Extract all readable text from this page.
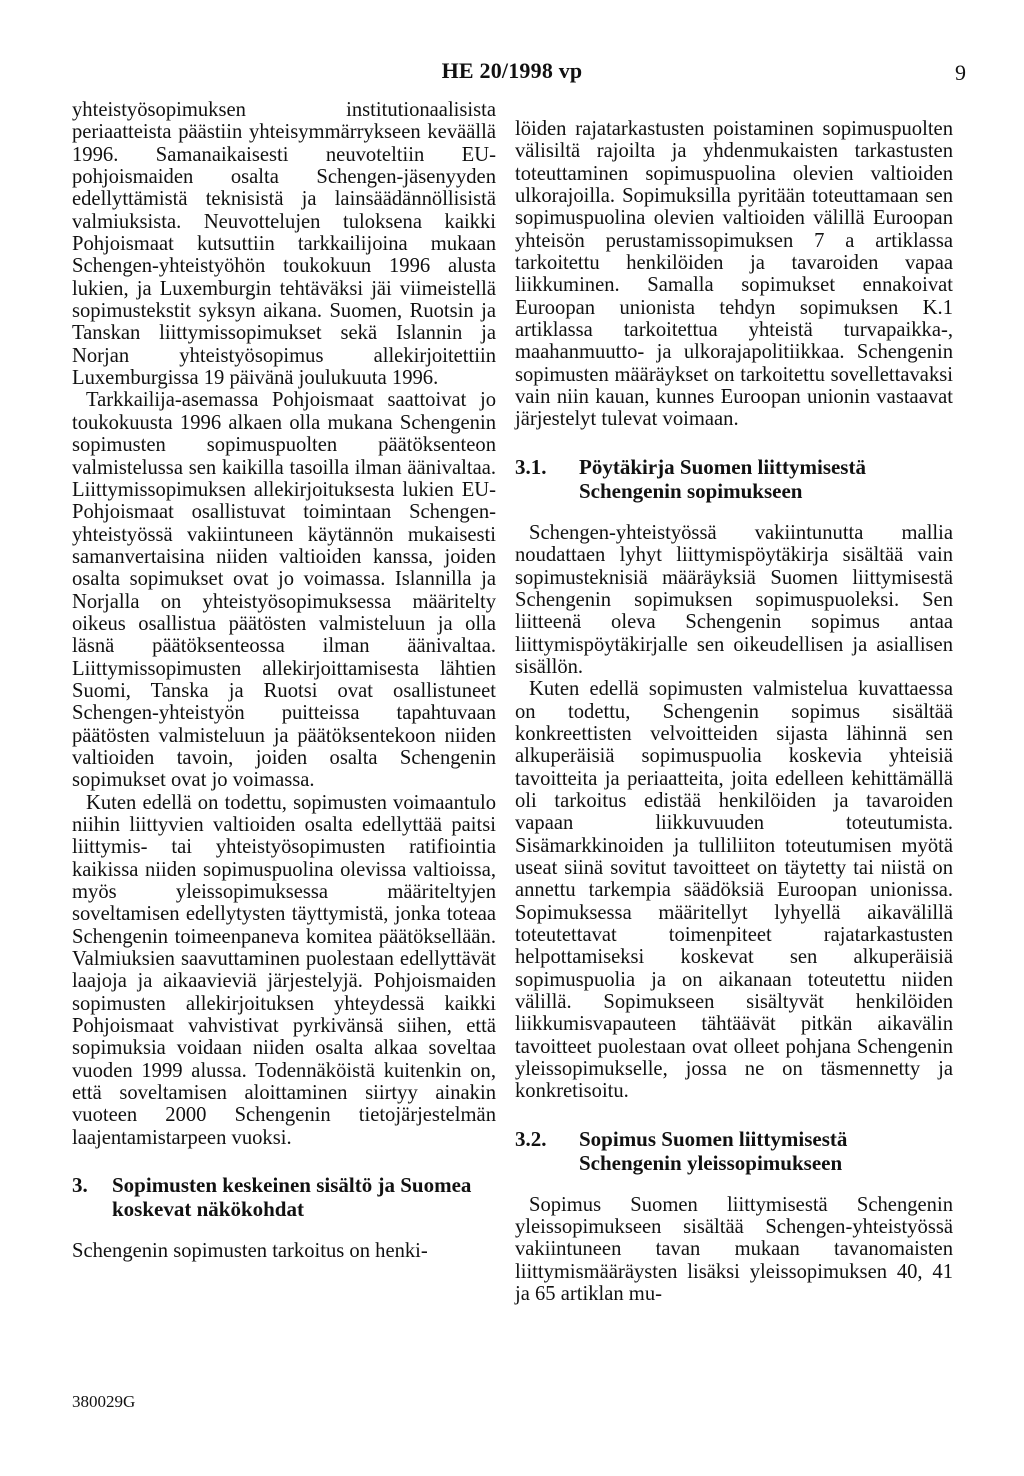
HE 20/1998 vp	9

yhteistyösopimuksen institutionaalisista periaatteista päästiin yhteisymmärrykseen keväällä 1996. Samanaikaisesti neuvoteltiin EU-pohjoismaiden osalta Schengen-jäsenyyden edellyttämistä teknisistä ja lainsäädännöllisistä valmiuksista. Neuvottelujen tuloksena kaikki Pohjoismaat kutsuttiin tarkkailijoina mukaan Schengen-yhteistyöhön toukokuun 1996 alusta lukien, ja Luxemburgin tehtäväksi jäi viimeistellä sopimustekstit syksyn aikana. Suomen, Ruotsin ja Tanskan liittymissopimukset sekä Islannin ja Norjan yhteistyösopimus allekirjoitettiin Luxemburgissa 19 päivänä joulukuuta 1996.

Tarkkailija-asemassa Pohjoismaat saattoivat jo toukokuusta 1996 alkaen olla mukana Schengenin sopimusten sopimuspuolten päätöksenteon valmistelussa sen kaikilla tasoilla ilman äänivaltaa. Liittymissopimuksen allekirjoituksesta lukien EU-Pohjoismaat osallistuvat toimintaan Schengen-yhteistyössä vakiintuneen käytännön mukaisesti samanvertaisina niiden valtioiden kanssa, joiden osalta sopimukset ovat jo voimassa. Islannilla ja Norjalla on yhteistyösopimuksessa määritelty oikeus osallistua päätösten valmisteluun ja olla läsnä päätöksenteossa ilman äänivaltaa. Liittymissopimusten allekirjoittamisesta lähtien Suomi, Tanska ja Ruotsi ovat osallistuneet Schengen-yhteistyön puitteissa tapahtuvaan päätösten valmisteluun ja päätöksentekoon niiden valtioiden tavoin, joiden osalta Schengenin sopimukset ovat jo voimassa.

Kuten edellä on todettu, sopimusten voimaantulo niihin liittyvien valtioiden osalta edellyttää paitsi liittymis- tai yhteistyösopimusten ratifiointia kaikissa niiden sopimuspuolina olevissa valtioissa, myös yleissopimuksessa määriteltyjen soveltamisen edellytysten täyttymistä, jonka toteaa Schengenin toimeenpaneva komitea päätöksellään. Valmiuksien saavuttaminen puolestaan edellyttävät laajoja ja aikaavieviä järjestelyjä. Pohjoismaiden sopimusten allekirjoituksen yhteydessä kaikki Pohjoismaat vahvistivat pyrkivänsä siihen, että sopimuksia voidaan niiden osalta alkaa soveltaa vuoden 1999 alussa. Todennäköistä kuitenkin on, että soveltamisen aloittaminen siirtyy ainakin vuoteen 2000 Schengenin tietojärjestelmän laajentamistarpeen vuoksi.

3.	Sopimusten keskeinen sisältö ja Suomea koskevat näkökohdat

Schengenin sopimusten tarkoitus on henki-

löiden rajatarkastusten poistaminen sopimuspuolten välisiltä rajoilta ja yhdenmukaisten tarkastusten toteuttaminen sopimuspuolina olevien valtioiden ulkorajoilla. Sopimuksilla pyritään toteuttamaan sen sopimuspuolina olevien valtioiden välillä Euroopan yhteisön perustamissopimuksen 7 a artiklassa tarkoitettu henkilöiden ja tavaroiden vapaa liikkuminen. Samalla sopimukset ennakoivat Euroopan unionista tehdyn sopimuksen K.1 artiklassa tarkoitettua yhteistä turvapaikka-, maahanmuutto- ja ulkorajapolitiikkaa. Schengenin sopimusten määräykset on tarkoitettu sovellettavaksi vain niin kauan, kunnes Euroopan unionin vastaavat järjestelyt tulevat voimaan.

3.1.	Pöytäkirja Suomen liittymisestä Schengenin sopimukseen

Schengen-yhteistyössä vakiintunutta mallia noudattaen lyhyt liittymispöytäkirja sisältää vain sopimusteknisiä määräyksiä Suomen liittymisestä Schengenin sopimuksen sopimuspuoleksi. Sen liitteenä oleva Schengenin sopimus antaa liittymispöytäkirjalle sen oikeudellisen ja asiallisen sisällön.

Kuten edellä sopimusten valmistelua kuvattaessa on todettu, Schengenin sopimus sisältää konkreettisten velvoitteiden sijasta lähinnä sen alkuperäisiä sopimuspuolia koskevia yhteisiä tavoitteita ja periaatteita, joita edelleen kehittämällä oli tarkoitus edistää henkilöiden ja tavaroiden vapaan liikkuvuuden toteutumista. Sisämarkkinoiden ja tulliliiton toteutumisen myötä useat siinä sovitut tavoitteet on täytetty tai niistä on annettu tarkempia säädöksiä Euroopan unionissa. Sopimuksessa määritellyt lyhyellä aikavälillä toteutettavat toimenpiteet rajatarkastusten helpottamiseksi koskevat sen alkuperäisiä sopimuspuolia ja on aikanaan toteutettu niiden välillä. Sopimukseen sisältyvät henkilöiden liikkumisvapauteen tähtäävät pitkän aikavälin tavoitteet puolestaan ovat olleet pohjana Schengenin yleissopimukselle, jossa ne on täsmennetty ja konkretisoitu.

3.2.	Sopimus Suomen liittymisestä Schengenin yleissopimukseen

Sopimus Suomen liittymisestä Schengenin yleissopimukseen sisältää Schengen-yhteistyössä vakiintuneen tavan mukaan tavanomaisten liittymismääräysten lisäksi yleissopimuksen 40, 41 ja 65 artiklan mu-

380029G
